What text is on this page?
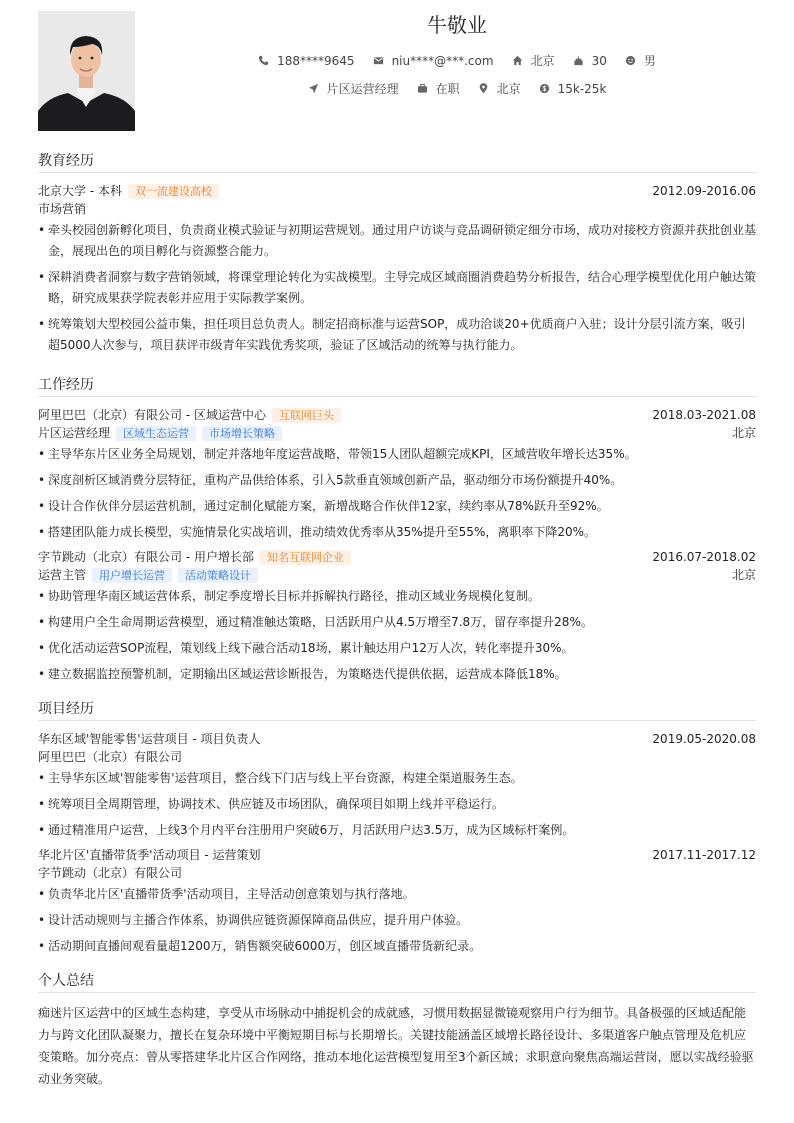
牛敬业
188****9645	niu****@***.com	北京	30	男
片区运营经理	在职	北京	15k-25k
教育经历
北京大学 - 本科	双一流建设高校	2012.09-2016.06
市场营销
• 牵头校园创新孵化项目，负责商业模式验证与初期运营规划。通过用户访谈与竞品调研锁定细分市场，成功对接校方资源并获批创业基金，展现出色的项目孵化与资源整合能力。
• 深耕消费者洞察与数字营销领域，将课堂理论转化为实战模型。主导完成区域商圈消费趋势分析报告，结合心理学模型优化用户触达策略，研究成果获学院表彰并应用于实际教学案例。
• 统筹策划大型校园公益市集，担任项目总负责人。制定招商标准与运营SOP，成功洽谈20+优质商户入驻；设计分层引流方案，吸引超5000人次参与，项目获评市级青年实践优秀奖项，验证了区域活动的统筹与执行能力。
工作经历
阿里巴巴（北京）有限公司 - 区域运营中心	互联网巨头	2018.03-2021.08
片区运营经理	区域生态运营	市场增长策略	北京
• 主导华东片区业务全局规划，制定并落地年度运营战略，带领15人团队超额完成KPI，区域营收年增长达35%。
• 深度剖析区域消费分层特征，重构产品供给体系，引入5款垂直领域创新产品，驱动细分市场份额提升40%。
• 设计合作伙伴分层运营机制，通过定制化赋能方案，新增战略合作伙伴12家，续约率从78%跃升至92%。
• 搭建团队能力成长模型，实施情景化实战培训，推动绩效优秀率从35%提升至55%，离职率下降20%。
字节跳动（北京）有限公司 - 用户增长部	知名互联网企业	2016.07-2018.02
运营主管	用户增长运营	活动策略设计	北京
• 协助管理华南区域运营体系，制定季度增长目标并拆解执行路径，推动区域业务规模化复制。
• 构建用户全生命周期运营模型，通过精准触达策略，日活跃用户从4.5万增至7.8万，留存率提升28%。
• 优化活动运营SOP流程，策划线上线下融合活动18场，累计触达用户12万人次，转化率提升30%。
• 建立数据监控预警机制，定期输出区域运营诊断报告，为策略迭代提供依据，运营成本降低18%。
项目经历
华东区域'智能零售'运营项目 - 项目负责人	2019.05-2020.08
阿里巴巴（北京）有限公司
• 主导华东区域'智能零售'运营项目，整合线下门店与线上平台资源，构建全渠道服务生态。
• 统筹项目全周期管理，协调技术、供应链及市场团队，确保项目如期上线并平稳运行。
• 通过精准用户运营，上线3个月内平台注册用户突破6万，月活跃用户达3.5万，成为区域标杆案例。
华北片区'直播带货季'活动项目 - 运营策划	2017.11-2017.12
字节跳动（北京）有限公司
• 负责华北片区'直播带货季'活动项目，主导活动创意策划与执行落地。
• 设计活动规则与主播合作体系，协调供应链资源保障商品供应，提升用户体验。
• 活动期间直播间观看量超1200万，销售额突破6000万，创区域直播带货新纪录。
个人总结

痴迷片区运营中的区域生态构建，享受从市场脉动中捕捉机会的成就感，习惯用数据显微镜观察用户行为细节。具备极强的区域适配能力与跨文化团队凝聚力，擅长在复杂环境中平衡短期目标与长期增长。关键技能涵盖区域增长路径设计、多渠道客户触点管理及危机应变策略。加分亮点：曾从零搭建华北片区合作网络，推动本地化运营模型复用至3个新区域；求职意向聚焦高端运营岗，愿以实战经验驱动业务突破。
